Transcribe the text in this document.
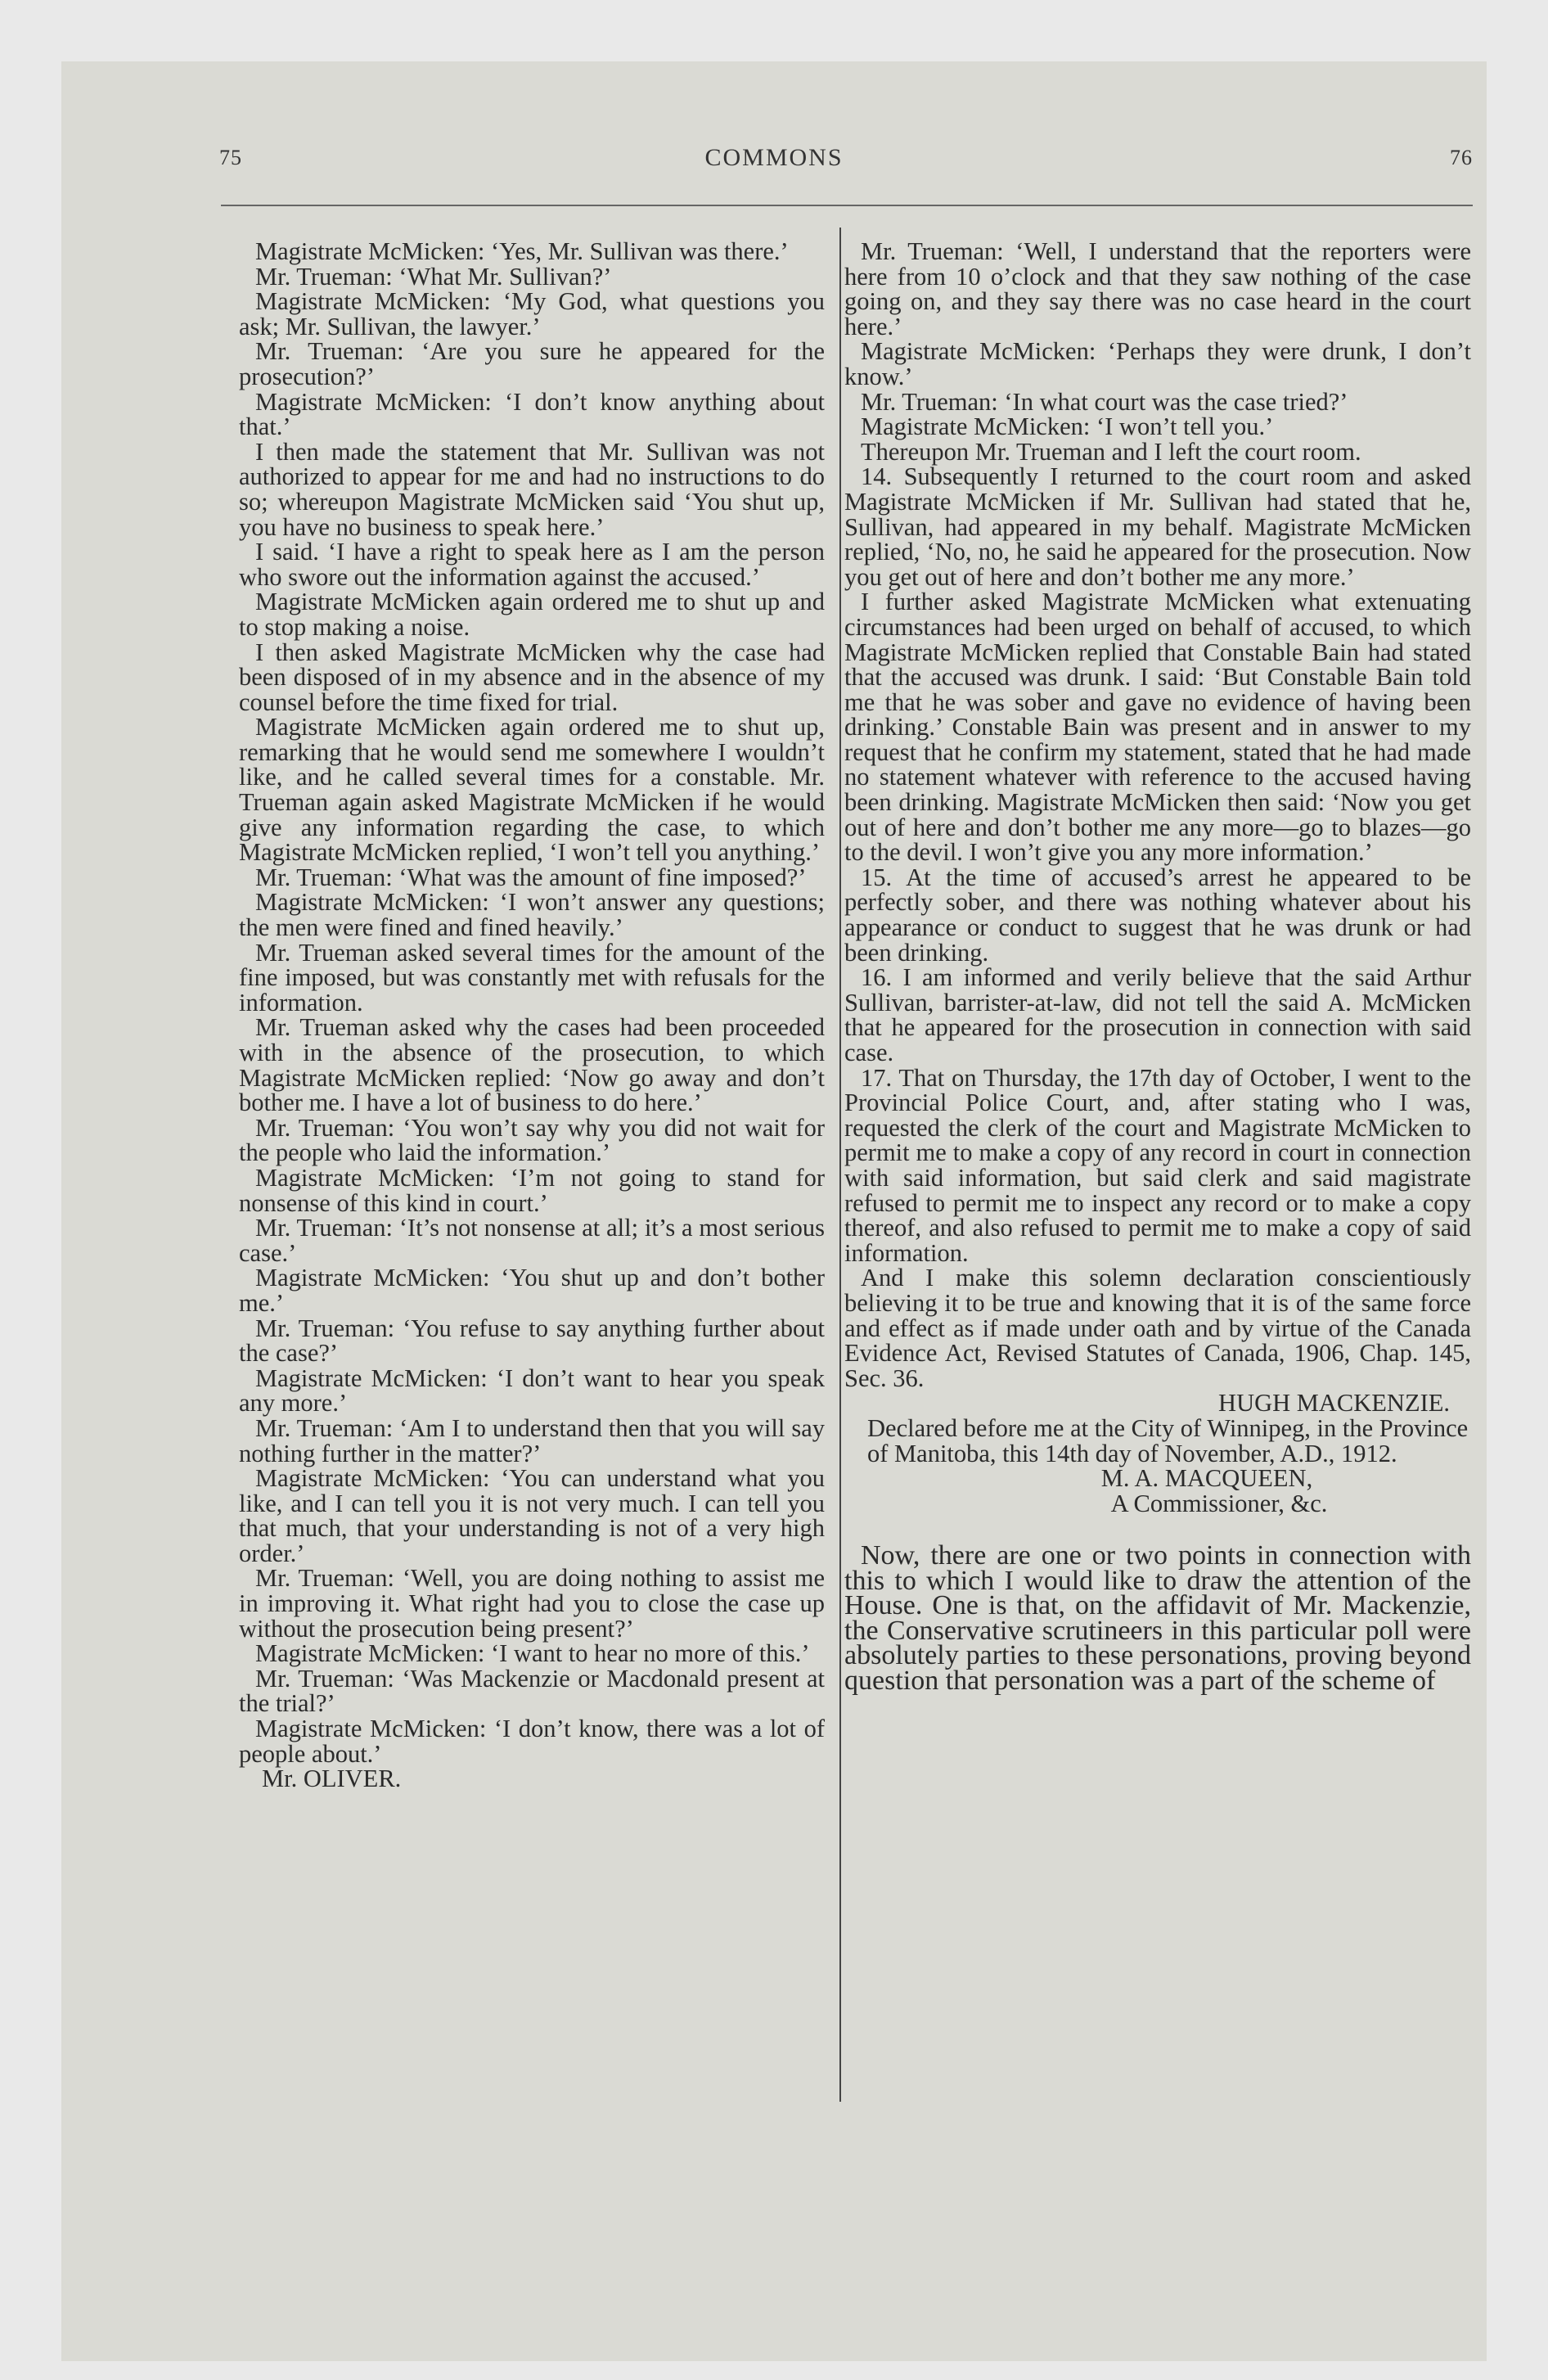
75	COMMONS	76

Magistrate McMicken: ‘Yes, Mr. Sullivan was there.’

Mr. Trueman: ‘What Mr. Sullivan?’

Magistrate McMicken: ‘My God, what questions you ask; Mr. Sullivan, the lawyer.’

Mr. Trueman: ‘Are you sure he appeared for the prosecution?’

Magistrate McMicken: ‘I don’t know anything about that.’

I then made the statement that Mr. Sullivan was not authorized to appear for me and had no instructions to do so; whereupon Magistrate McMicken said ‘You shut up, you have no business to speak here.’

I said. ‘I have a right to speak here as I am the person who swore out the information against the accused.’

Magistrate McMicken again ordered me to shut up and to stop making a noise.

I then asked Magistrate McMicken why the case had been disposed of in my absence and in the absence of my counsel before the time fixed for trial.

Magistrate McMicken again ordered me to shut up, remarking that he would send me somewhere I wouldn’t like, and he called several times for a constable. Mr. Trueman again asked Magistrate McMicken if he would give any information regarding the case, to which Magistrate McMicken replied, ‘I won’t tell you anything.’

Mr. Trueman: ‘What was the amount of fine imposed?’

Magistrate McMicken: ‘I won’t answer any questions; the men were fined and fined heavily.’

Mr. Trueman asked several times for the amount of the fine imposed, but was constantly met with refusals for the information.

Mr. Trueman asked why the cases had been proceeded with in the absence of the prosecution, to which Magistrate McMicken replied: ‘Now go away and don’t bother me. I have a lot of business to do here.’

Mr. Trueman: ‘You won’t say why you did not wait for the people who laid the information.’

Magistrate McMicken: ‘I’m not going to stand for nonsense of this kind in court.’

Mr. Trueman: ‘It’s not nonsense at all; it’s a most serious case.’

Magistrate McMicken: ‘You shut up and don’t bother me.’

Mr. Trueman: ‘You refuse to say anything further about the case?’

Magistrate McMicken: ‘I don’t want to hear you speak any more.’

Mr. Trueman: ‘Am I to understand then that you will say nothing further in the matter?’

Magistrate McMicken: ‘You can understand what you like, and I can tell you it is not very much. I can tell you that much, that your understanding is not of a very high order.’

Mr. Trueman: ‘Well, you are doing nothing to assist me in improving it. What right had you to close the case up without the prosecution being present?’

Magistrate McMicken: ‘I want to hear no more of this.’

Mr. Trueman: ‘Was Mackenzie or Macdonald present at the trial?’

Magistrate McMicken: ‘I don’t know, there was a lot of people about.’

Mr. OLIVER.

Mr. Trueman: ‘Well, I understand that the reporters were here from 10 o’clock and that they saw nothing of the case going on, and they say there was no case heard in the court here.’

Magistrate McMicken: ‘Perhaps they were drunk, I don’t know.’

Mr. Trueman: ‘In what court was the case tried?’

Magistrate McMicken: ‘I won’t tell you.’

Thereupon Mr. Trueman and I left the court room.

14. Subsequently I returned to the court room and asked Magistrate McMicken if Mr. Sullivan had stated that he, Sullivan, had appeared in my behalf. Magistrate McMicken replied, ‘No, no, he said he appeared for the prosecution. Now you get out of here and don’t bother me any more.’

I further asked Magistrate McMicken what extenuating circumstances had been urged on behalf of accused, to which Magistrate McMicken replied that Constable Bain had stated that the accused was drunk. I said: ‘But Constable Bain told me that he was sober and gave no evidence of having been drinking.’ Constable Bain was present and in answer to my request that he confirm my statement, stated that he had made no statement whatever with reference to the accused having been drinking. Magistrate McMicken then said: ‘Now you get out of here and don’t bother me any more—go to blazes—go to the devil. I won’t give you any more information.’

15. At the time of accused’s arrest he appeared to be perfectly sober, and there was nothing whatever about his appearance or conduct to suggest that he was drunk or had been drinking.

16. I am informed and verily believe that the said Arthur Sullivan, barrister-at-law, did not tell the said A. McMicken that he appeared for the prosecution in connection with said case.

17. That on Thursday, the 17th day of October, I went to the Provincial Police Court, and, after stating who I was, requested the clerk of the court and Magistrate McMicken to permit me to make a copy of any record in court in connection with said information, but said clerk and said magistrate refused to permit me to inspect any record or to make a copy thereof, and also refused to permit me to make a copy of said information.

And I make this solemn declaration conscientiously believing it to be true and knowing that it is of the same force and effect as if made under oath and by virtue of the Canada Evidence Act, Revised Statutes of Canada, 1906, Chap. 145, Sec. 36.

HUGH MACKENZIE.

Declared before me at the City of Winnipeg, in the Province of Manitoba, this 14th day of November, A.D., 1912.

M. A. MACQUEEN,

A Commissioner, &c.

Now, there are one or two points in connection with this to which I would like to draw the attention of the House. One is that, on the affidavit of Mr. Mackenzie, the Conservative scrutineers in this particular poll were absolutely parties to these personations, proving beyond question that personation was a part of the scheme of
